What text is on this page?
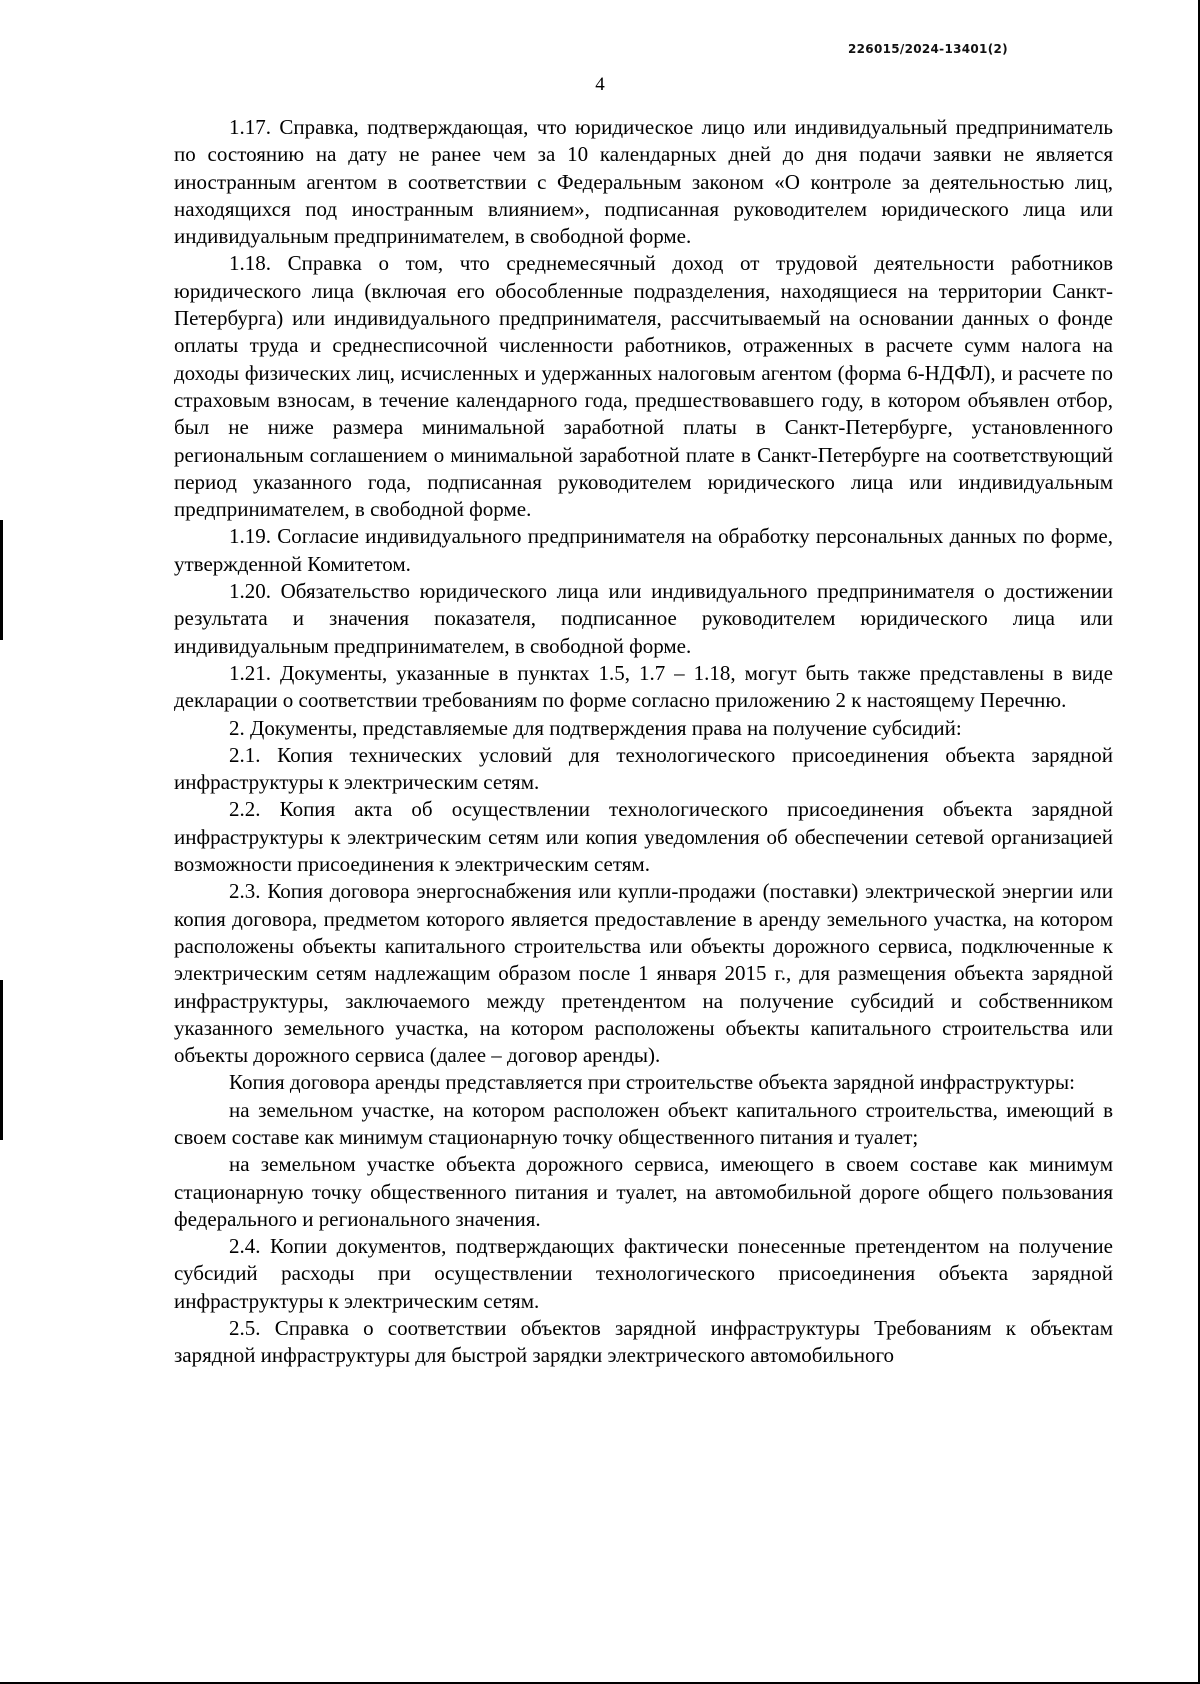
226015/2024-13401(2)
4

1.17. Справка, подтверждающая, что юридическое лицо или индивидуальный предприниматель по состоянию на дату не ранее чем за 10 календарных дней до дня подачи заявки не является иностранным агентом в соответствии с Федеральным законом «О контроле за деятельностью лиц, находящихся под иностранным влиянием», подписанная руководителем юридического лица или индивидуальным предпринимателем, в свободной форме.

1.18. Справка о том, что среднемесячный доход от трудовой деятельности работников юридического лица (включая его обособленные подразделения, находящиеся на территории Санкт-Петербурга) или индивидуального предпринимателя, рассчитываемый на основании данных о фонде оплаты труда и среднесписочной численности работников, отраженных в расчете сумм налога на доходы физических лиц, исчисленных и удержанных налоговым агентом (форма 6-НДФЛ), и расчете по страховым взносам, в течение календарного года, предшествовавшего году, в котором объявлен отбор, был не ниже размера минимальной заработной платы в Санкт-Петербурге, установленного региональным соглашением о минимальной заработной плате в Санкт-Петербурге на соответствующий период указанного года, подписанная руководителем юридического лица или индивидуальным предпринимателем, в свободной форме.

1.19. Согласие индивидуального предпринимателя на обработку персональных данных по форме, утвержденной Комитетом.

1.20. Обязательство юридического лица или индивидуального предпринимателя о достижении результата и значения показателя, подписанное руководителем юридического лица или индивидуальным предпринимателем, в свободной форме.

1.21. Документы, указанные в пунктах 1.5, 1.7 – 1.18, могут быть также представлены в виде декларации о соответствии требованиям по форме согласно приложению 2 к настоящему Перечню.

2. Документы, представляемые для подтверждения права на получение субсидий:

2.1. Копия технических условий для технологического присоединения объекта зарядной инфраструктуры к электрическим сетям.

2.2. Копия акта об осуществлении технологического присоединения объекта зарядной инфраструктуры к электрическим сетям или копия уведомления об обеспечении сетевой организацией возможности присоединения к электрическим сетям.

2.3. Копия договора энергоснабжения или купли-продажи (поставки) электрической энергии или копия договора, предметом которого является предоставление в аренду земельного участка, на котором расположены объекты капитального строительства или объекты дорожного сервиса, подключенные к электрическим сетям надлежащим образом после 1 января 2015 г., для размещения объекта зарядной инфраструктуры, заключаемого между претендентом на получение субсидий и собственником указанного земельного участка, на котором расположены объекты капитального строительства или объекты дорожного сервиса (далее – договор аренды).

Копия договора аренды представляется при строительстве объекта зарядной инфраструктуры:

на земельном участке, на котором расположен объект капитального строительства, имеющий в своем составе как минимум стационарную точку общественного питания и туалет;

на земельном участке объекта дорожного сервиса, имеющего в своем составе как минимум стационарную точку общественного питания и туалет, на автомобильной дороге общего пользования федерального и регионального значения.

2.4. Копии документов, подтверждающих фактически понесенные претендентом на получение субсидий расходы при осуществлении технологического присоединения объекта зарядной инфраструктуры к электрическим сетям.

2.5. Справка о соответствии объектов зарядной инфраструктуры Требованиям к объектам зарядной инфраструктуры для быстрой зарядки электрического автомобильного
